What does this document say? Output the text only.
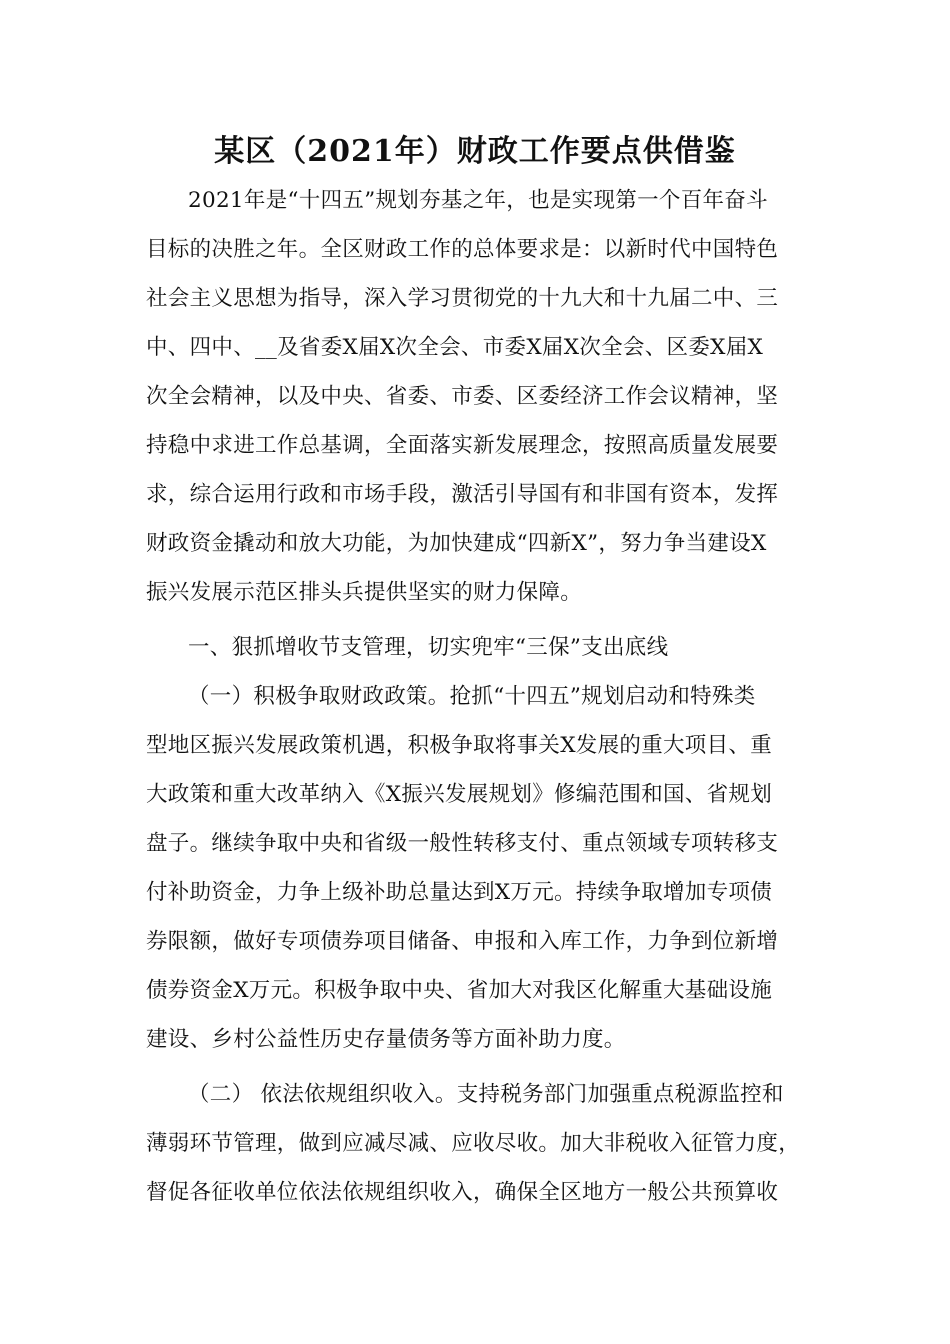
某区（2021年）财政工作要点供借鉴
2021年是“十四五”规划夯基之年，也是实现第一个百年奋斗
目标的决胜之年。全区财政工作的总体要求是：以新时代中国特色
社会主义思想为指导，深入学习贯彻党的十九大和十九届二中、三
中、四中、__及省委X届X次全会、市委X届X次全会、区委X届X
次全会精神，以及中央、省委、市委、区委经济工作会议精神，坚
持稳中求进工作总基调，全面落实新发展理念，按照高质量发展要
求，综合运用行政和市场手段，激活引导国有和非国有资本，发挥
财政资金撬动和放大功能，为加快建成“四新X”，努力争当建设X
振兴发展示范区排头兵提供坚实的财力保障。
一、狠抓增收节支管理，切实兜牢“三保”支出底线
（一）积极争取财政政策。抢抓“十四五”规划启动和特殊类
型地区振兴发展政策机遇，积极争取将事关X发展的重大项目、重
大政策和重大改革纳入《X振兴发展规划》修编范围和国、省规划
盘子。继续争取中央和省级一般性转移支付、重点领域专项转移支
付补助资金，力争上级补助总量达到X万元。持续争取增加专项债
券限额，做好专项债券项目储备、申报和入库工作，力争到位新增
债券资金X万元。积极争取中央、省加大对我区化解重大基础设施
建设、乡村公益性历史存量债务等方面补助力度。
（二） 依法依规组织收入。支持税务部门加强重点税源监控和
薄弱环节管理，做到应减尽减、应收尽收。加大非税收入征管力度，
督促各征收单位依法依规组织收入，确保全区地方一般公共预算收
